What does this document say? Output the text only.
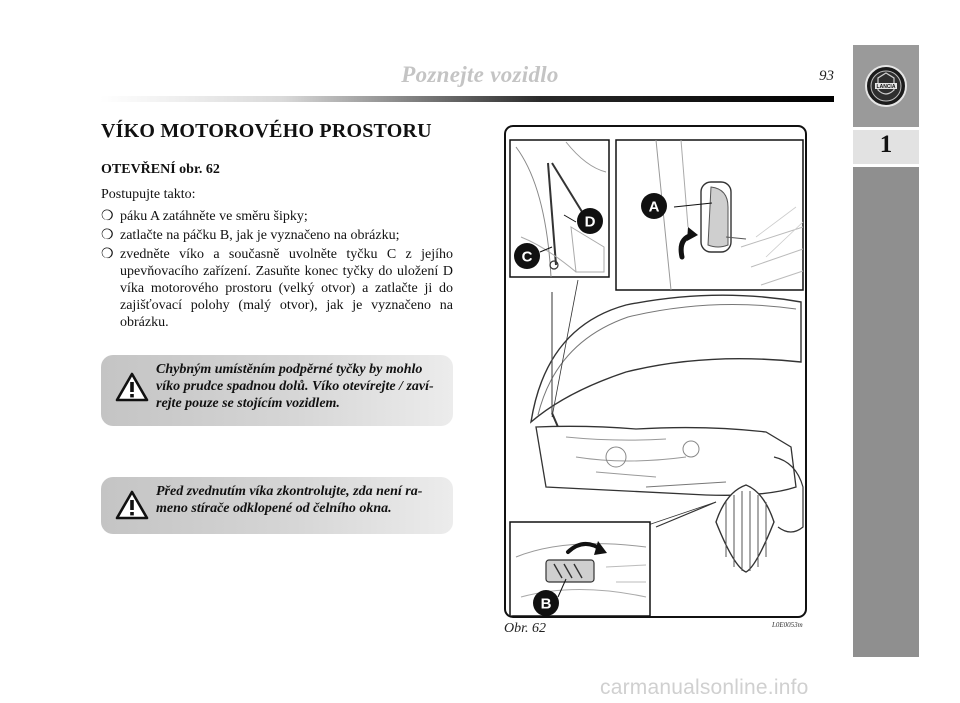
Poznejte vozidlo	93
LANCIA
1
VÍKO MOTOROVÉHO PROSTORU
OTEVŘENÍ obr. 62
Postupujte takto:
❍ páku A zatáhněte ve směru šipky;
❍ zatlačte na páčku B, jak je vyznačeno na obrázku;
❍ zvedněte víko a současně uvolněte tyčku C z jejího upevňovacího zařízení. Zasuňte konec tyčky do uložení D víka motorového prostoru (velký otvor) a zatlačte ji do zajišťovací polohy (malý otvor), jak je vyznačeno na obrázku.
Chybným umístěním podpěrné tyčky by mohlo víko prudce spadnou dolů. Víko otevírejte / zaví-rejte pouze se stojícím vozidlem.
Před zvednutím víka zkontrolujte, zda není ra-meno stírače odklopené od čelního okna.
A
D
C
B
Obr. 62	L0E0053m
carmanualsonline.info
